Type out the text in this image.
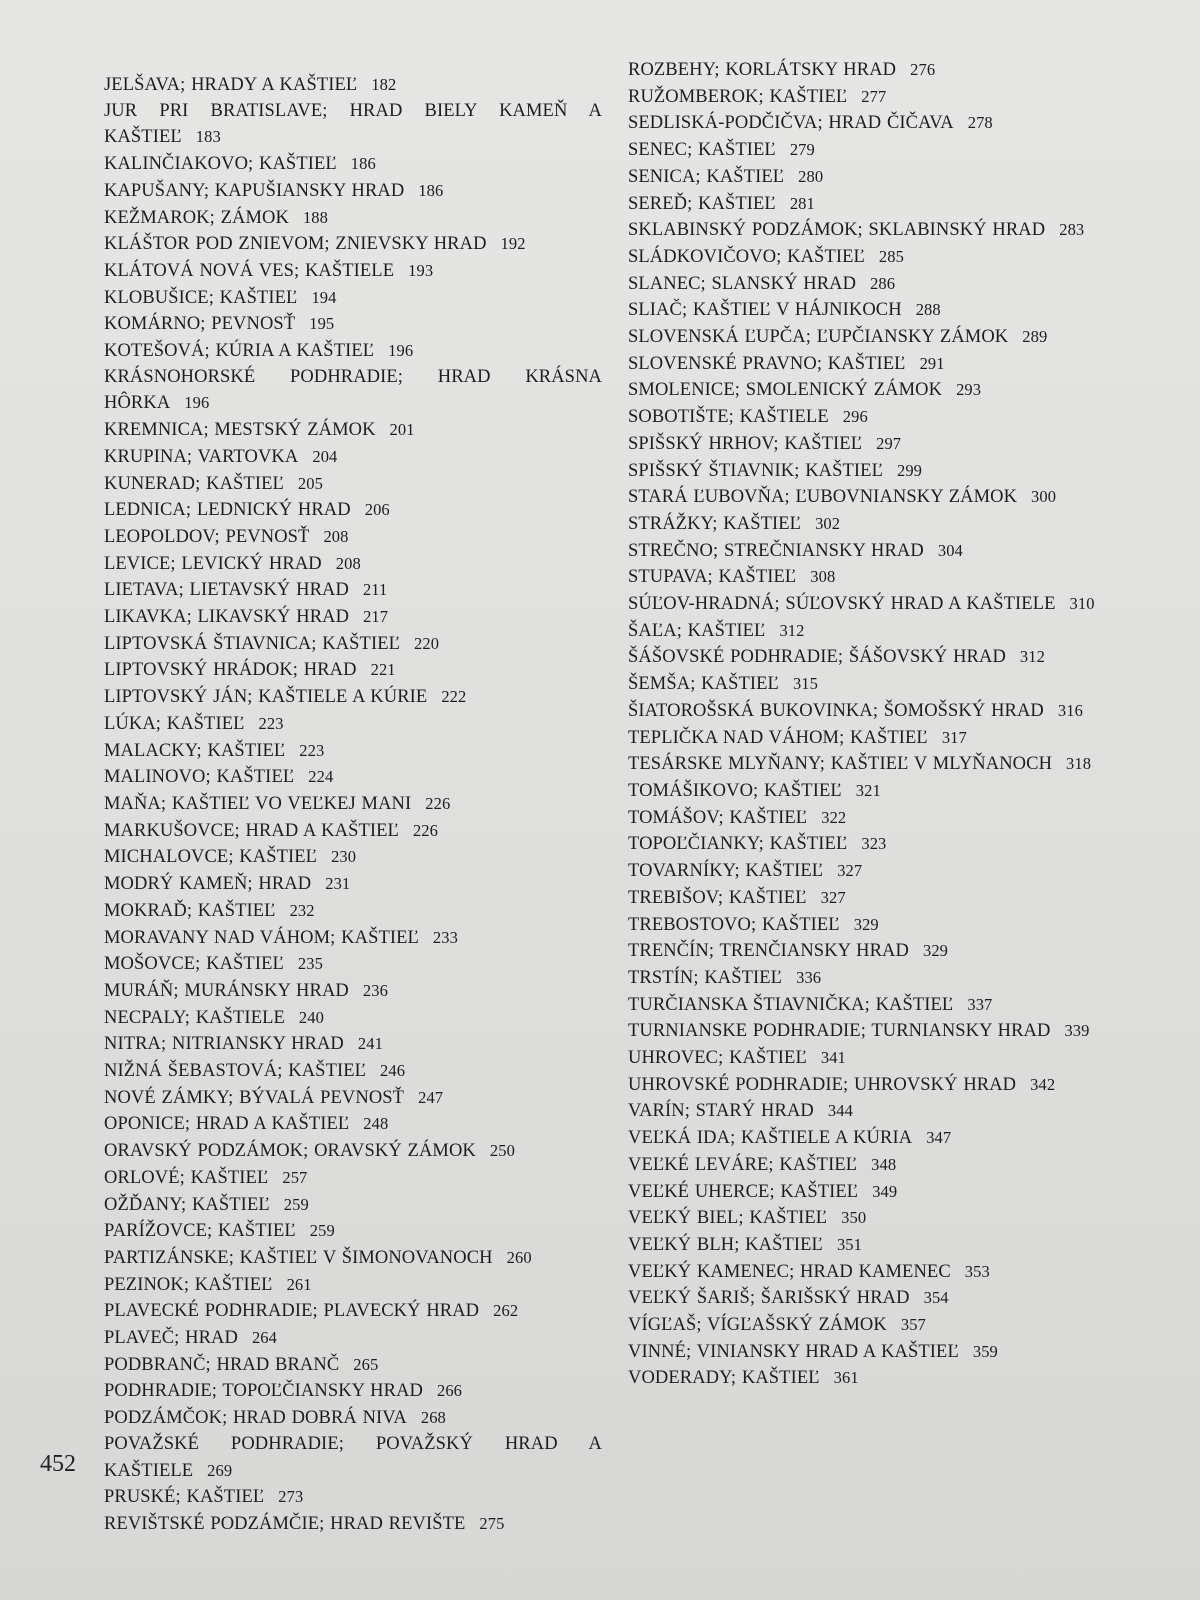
JELŠAVA; HRADY A KAŠTIEĽ 182

JUR PRI BRATISLAVE; HRAD BIELY KAMEŇ A KAŠTIEĽ 183

KALINČIAKOVO; KAŠTIEĽ 186

KAPUŠANY; KAPUŠIANSKY HRAD 186

KEŽMAROK; ZÁMOK 188

KLÁŠTOR POD ZNIEVOM; ZNIEVSKY HRAD 192

KLÁTOVÁ NOVÁ VES; KAŠTIELE 193

KLOBUŠICE; KAŠTIEĽ 194

KOMÁRNO; PEVNOSŤ 195

KOTEŠOVÁ; KÚRIA A KAŠTIEĽ 196

KRÁSNOHORSKÉ PODHRADIE; HRAD KRÁSNA HÔRKA 196

KREMNICA; MESTSKÝ ZÁMOK 201

KRUPINA; VARTOVKA 204

KUNERAD; KAŠTIEĽ 205

LEDNICA; LEDNICKÝ HRAD 206

LEOPOLDOV; PEVNOSŤ 208

LEVICE; LEVICKÝ HRAD 208

LIETAVA; LIETAVSKÝ HRAD 211

LIKAVKA; LIKAVSKÝ HRAD 217

LIPTOVSKÁ ŠTIAVNICA; KAŠTIEĽ 220

LIPTOVSKÝ HRÁDOK; HRAD 221

LIPTOVSKÝ JÁN; KAŠTIELE A KÚRIE 222

LÚKA; KAŠTIEĽ 223

MALACKY; KAŠTIEĽ 223

MALINOVO; KAŠTIEĽ 224

MAŇA; KAŠTIEĽ VO VEĽKEJ MANI 226

MARKUŠOVCE; HRAD A KAŠTIEĽ 226

MICHALOVCE; KAŠTIEĽ 230

MODRÝ KAMEŇ; HRAD 231

MOKRAĎ; KAŠTIEĽ 232

MORAVANY NAD VÁHOM; KAŠTIEĽ 233

MOŠOVCE; KAŠTIEĽ 235

MURÁŇ; MURÁNSKY HRAD 236

NECPALY; KAŠTIELE 240

NITRA; NITRIANSKY HRAD 241

NIŽNÁ ŠEBASTOVÁ; KAŠTIEĽ 246

NOVÉ ZÁMKY; BÝVALÁ PEVNOSŤ 247

OPONICE; HRAD A KAŠTIEĽ 248

ORAVSKÝ PODZÁMOK; ORAVSKÝ ZÁMOK 250

ORLOVÉ; KAŠTIEĽ 257

OŽĎANY; KAŠTIEĽ 259

PARÍŽOVCE; KAŠTIEĽ 259

PARTIZÁNSKE; KAŠTIEĽ V ŠIMONOVANOCH 260

PEZINOK; KAŠTIEĽ 261

PLAVECKÉ PODHRADIE; PLAVECKÝ HRAD 262

PLAVEČ; HRAD 264

PODBRANČ; HRAD BRANČ 265

PODHRADIE; TOPOĽČIANSKY HRAD 266

PODZÁMČOK; HRAD DOBRÁ NIVA 268

POVAŽSKÉ PODHRADIE; POVAŽSKÝ HRAD A KAŠTIELE 269

PRUSKÉ; KAŠTIEĽ 273

REVIŠTSKÉ PODZÁMČIE; HRAD REVIŠTE 275

ROZBEHY; KORLÁTSKY HRAD 276

RUŽOMBEROK; KAŠTIEĽ 277

SEDLISKÁ-PODČIČVA; HRAD ČIČAVA 278

SENEC; KAŠTIEĽ 279

SENICA; KAŠTIEĽ 280

SEREĎ; KAŠTIEĽ 281

SKLABINSKÝ PODZÁMOK; SKLABINSKÝ HRAD 283

SLÁDKOVIČOVO; KAŠTIEĽ 285

SLANEC; SLANSKÝ HRAD 286

SLIAČ; KAŠTIEĽ V HÁJNIKOCH 288

SLOVENSKÁ ĽUPČA; ĽUPČIANSKY ZÁMOK 289

SLOVENSKÉ PRAVNO; KAŠTIEĽ 291

SMOLENICE; SMOLENICKÝ ZÁMOK 293

SOBOTIŠTE; KAŠTIELE 296

SPIŠSKÝ HRHOV; KAŠTIEĽ 297

SPIŠSKÝ ŠTIAVNIK; KAŠTIEĽ 299

STARÁ ĽUBOVŇA; ĽUBOVNIANSKY ZÁMOK 300

STRÁŽKY; KAŠTIEĽ 302

STREČNO; STREČNIANSKY HRAD 304

STUPAVA; KAŠTIEĽ 308

SÚĽOV-HRADNÁ; SÚĽOVSKÝ HRAD A KAŠTIELE 310

ŠAĽA; KAŠTIEĽ 312

ŠÁŠOVSKÉ PODHRADIE; ŠÁŠOVSKÝ HRAD 312

ŠEMŠA; KAŠTIEĽ 315

ŠIATOROŠSKÁ BUKOVINKA; ŠOMOŠSKÝ HRAD 316

TEPLIČKA NAD VÁHOM; KAŠTIEĽ 317

TESÁRSKE MLYŇANY; KAŠTIEĽ V MLYŇANOCH 318

TOMÁŠIKOVO; KAŠTIEĽ 321

TOMÁŠOV; KAŠTIEĽ 322

TOPOĽČIANKY; KAŠTIEĽ 323

TOVARNÍKY; KAŠTIEĽ 327

TREBIŠOV; KAŠTIEĽ 327

TREBOSTOVO; KAŠTIEĽ 329

TRENČÍN; TRENČIANSKY HRAD 329

TRSTÍN; KAŠTIEĽ 336

TURČIANSKA ŠTIAVNIČKA; KAŠTIEĽ 337

TURNIANSKE PODHRADIE; TURNIANSKY HRAD 339

UHROVEC; KAŠTIEĽ 341

UHROVSKÉ PODHRADIE; UHROVSKÝ HRAD 342

VARÍN; STARÝ HRAD 344

VEĽKÁ IDA; KAŠTIELE A KÚRIA 347

VEĽKÉ LEVÁRE; KAŠTIEĽ 348

VEĽKÉ UHERCE; KAŠTIEĽ 349

VEĽKÝ BIEL; KAŠTIEĽ 350

VEĽKÝ BLH; KAŠTIEĽ 351

VEĽKÝ KAMENEC; HRAD KAMENEC 353

VEĽKÝ ŠARIŠ; ŠARIŠSKÝ HRAD 354

VÍGĽAŠ; VÍGĽAŠSKÝ ZÁMOK 357

VINNÉ; VINIANSKY HRAD A KAŠTIEĽ 359

VODERADY; KAŠTIEĽ 361

452
